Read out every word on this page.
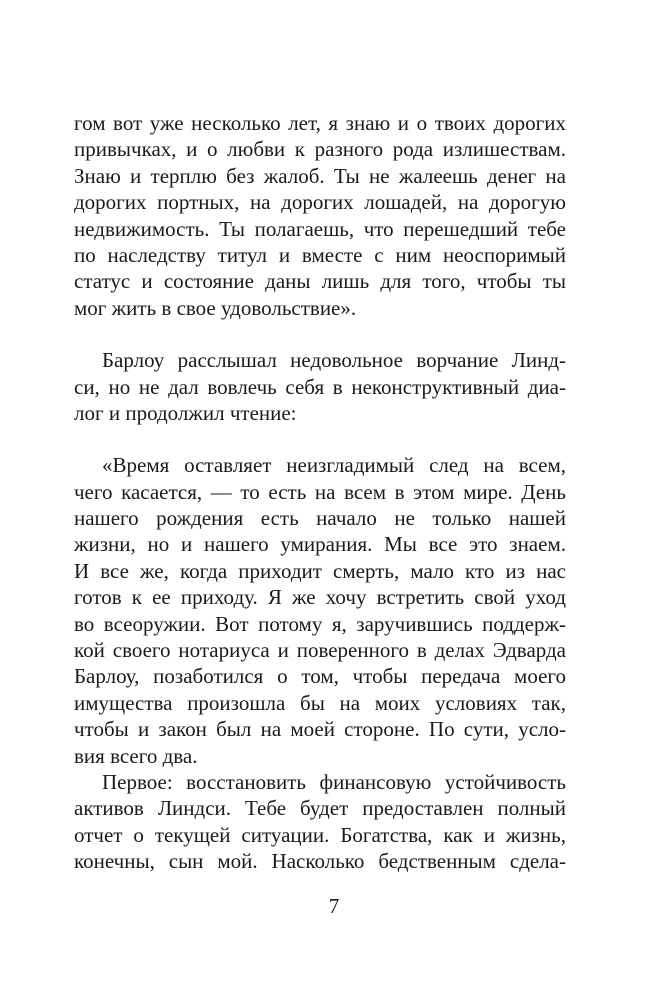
гом вот уже несколько лет, я знаю и о твоих дорогих
привычках, и о любви к разного рода излишествам.
Знаю и терплю без жалоб. Ты не жалеешь денег на
дорогих портных, на дорогих лошадей, на дорогую
недвижимость. Ты полагаешь, что перешедший тебе
по наследству титул и вместе с ним неоспоримый
статус и состояние даны лишь для того, чтобы ты
мог жить в свое удовольствие».
Барлоу расслышал недовольное ворчание Линд-
си, но не дал вовлечь себя в неконструктивный диа-
лог и продолжил чтение:
«Время оставляет неизгладимый след на всем,
чего касается, — то есть на всем в этом мире. День
нашего рождения есть начало не только нашей
жизни, но и нашего умирания. Мы все это знаем.
И все же, когда приходит смерть, мало кто из нас
готов к ее приходу. Я же хочу встретить свой уход
во всеоружии. Вот потому я, заручившись поддерж-
кой своего нотариуса и поверенного в делах Эдварда
Барлоу, позаботился о том, чтобы передача моего
имущества произошла бы на моих условиях так,
чтобы и закон был на моей стороне. По сути, усло-
вия всего два.
Первое: восстановить финансовую устойчивость
активов Линдси. Тебе будет предоставлен полный
отчет о текущей ситуации. Богатства, как и жизнь,
конечны, сын мой. Насколько бедственным сдела-
7
